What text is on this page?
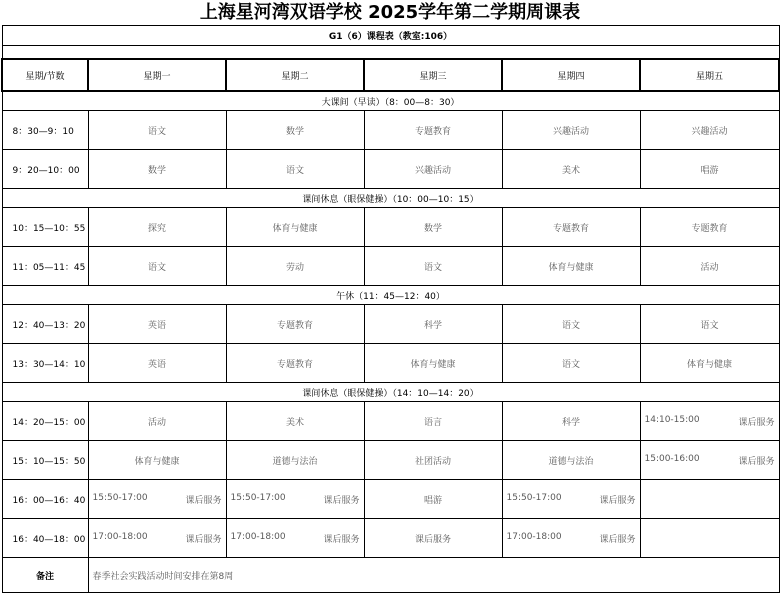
上海星河湾双语学校 2025学年第二学期周课表
G1（6）课程表（教室:106）					

星期/节数	星期一	星期二	星期三	星期四	星期五
大课间（早读）（8：00—8：30）					
8：30—9：10	语文	数学	专题教育	兴趣活动	兴趣活动
9：20—10：00	数学	语文	兴趣活动	美术	唱游
课间休息（眼保健操）（10：00—10：15）					
10：15—10：55	探究	体育与健康	数学	专题教育	专题教育
11：05—11：45	语文	劳动	语文	体育与健康	活动
午休（11：45—12：40）					
12：40—13：20	英语	专题教育	科学	语文	语文
13：30—14：10	英语	专题教育	体育与健康	语文	体育与健康
课间休息（眼保健操）（14：10—14：20）					
14：20—15：00	活动	美术	语言	科学	14:10-15:00 课后服务

15：10—15：50	体育与健康	道德与法治	社团活动	道德与法治	15:00-16:00 课后服务

16：00—16：40	15:50-17:00 课后服务	15:50-17:00 课后服务	唱游	15:50-17:00 课后服务	

16：40—18：00	17:00-18:00 课后服务	17:00-18:00 课后服务	课后服务	17:00-18:00 课后服务	

备注	春季社会实践活动时间安排在第8周				
